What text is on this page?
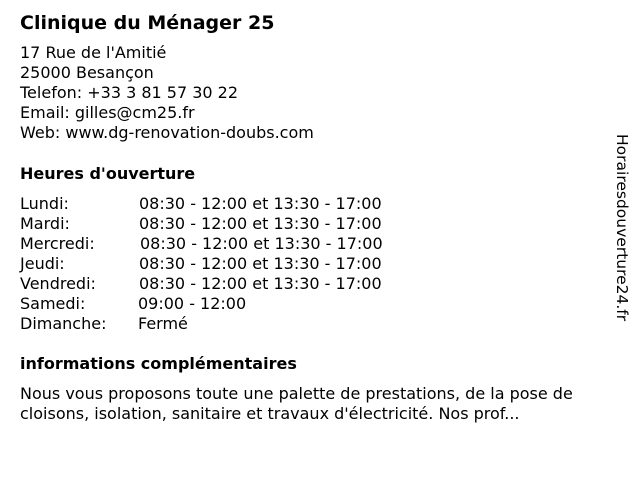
Clinique du Ménager 25
17 Rue de l'Amitié
25000 Besançon
Telefon: +33 3 81 57 30 22
Email: gilles@cm25.fr
Web: www.dg-renovation-doubs.com
Heures d'ouverture
Lundi:	08:30 - 12:00 et 13:30 - 17:00
Mardi:	08:30 - 12:00 et 13:30 - 17:00
Mercredi:	08:30 - 12:00 et 13:30 - 17:00
Jeudi:	08:30 - 12:00 et 13:30 - 17:00
Vendredi:	08:30 - 12:00 et 13:30 - 17:00
Samedi:	09:00 - 12:00
Dimanche: Fermé
informations complémentaires
Nous vous proposons toute une palette de prestations, de la pose de
cloisons, isolation, sanitaire et travaux d'électricité. Nos prof...
Horairesdouverture24.fr
